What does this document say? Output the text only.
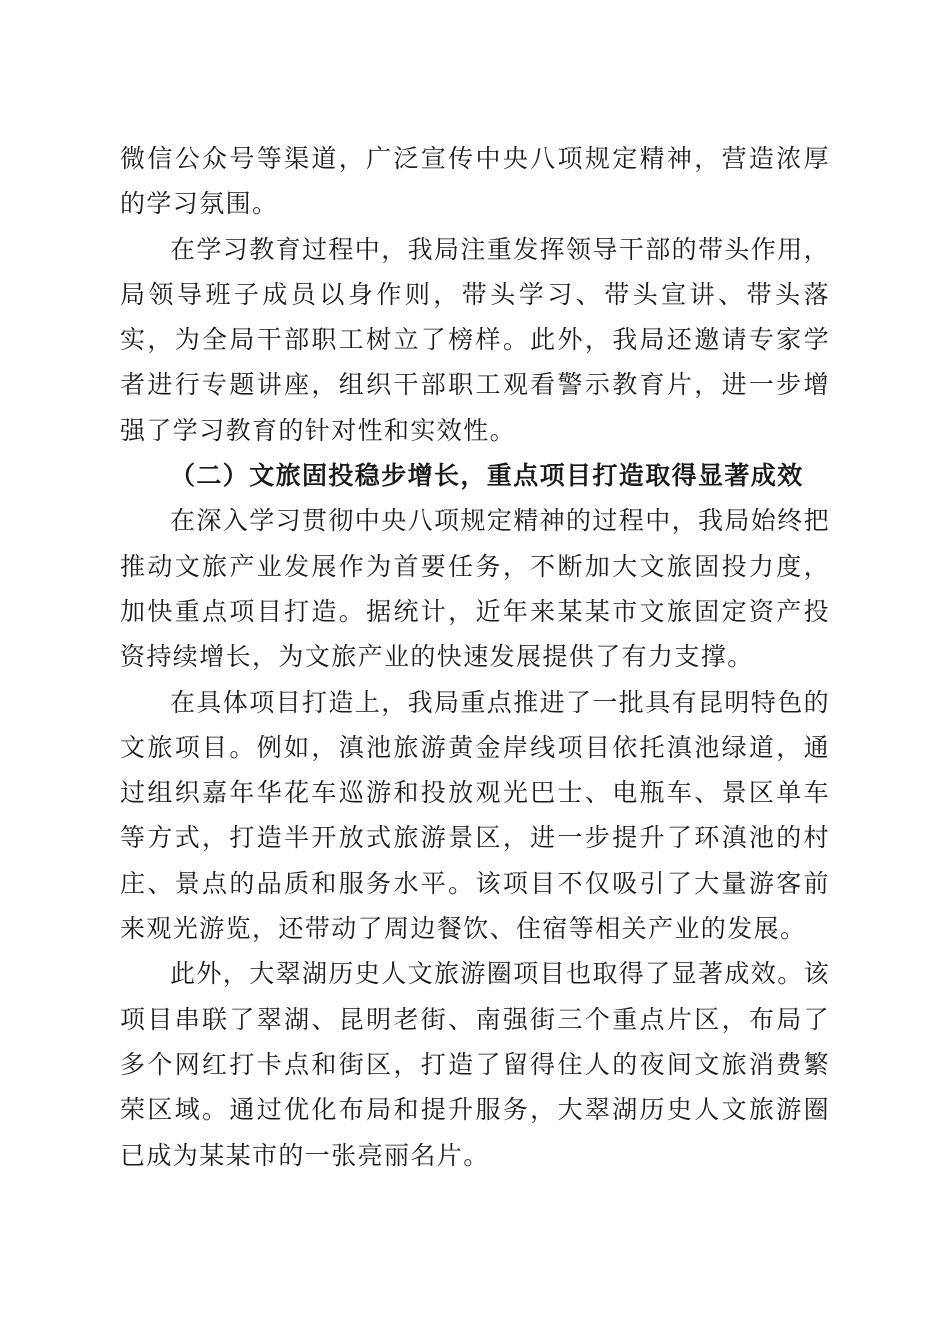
微信公众号等渠道，广泛宣传中央八项规定精神，营造浓厚的学习氛围。

在学习教育过程中，我局注重发挥领导干部的带头作用，局领导班子成员以身作则，带头学习、带头宣讲、带头落实，为全局干部职工树立了榜样。此外，我局还邀请专家学者进行专题讲座，组织干部职工观看警示教育片，进一步增强了学习教育的针对性和实效性。

（二）文旅固投稳步增长，重点项目打造取得显著成效

在深入学习贯彻中央八项规定精神的过程中，我局始终把推动文旅产业发展作为首要任务，不断加大文旅固投力度，加快重点项目打造。据统计，近年来某某市文旅固定资产投资持续增长，为文旅产业的快速发展提供了有力支撑。

在具体项目打造上，我局重点推进了一批具有昆明特色的文旅项目。例如，滇池旅游黄金岸线项目依托滇池绿道，通过组织嘉年华花车巡游和投放观光巴士、电瓶车、景区单车等方式，打造半开放式旅游景区，进一步提升了环滇池的村庄、景点的品质和服务水平。该项目不仅吸引了大量游客前来观光游览，还带动了周边餐饮、住宿等相关产业的发展。

此外，大翠湖历史人文旅游圈项目也取得了显著成效。该项目串联了翠湖、昆明老街、南强街三个重点片区，布局了多个网红打卡点和街区，打造了留得住人的夜间文旅消费繁荣区域。通过优化布局和提升服务，大翠湖历史人文旅游圈已成为某某市的一张亮丽名片。
